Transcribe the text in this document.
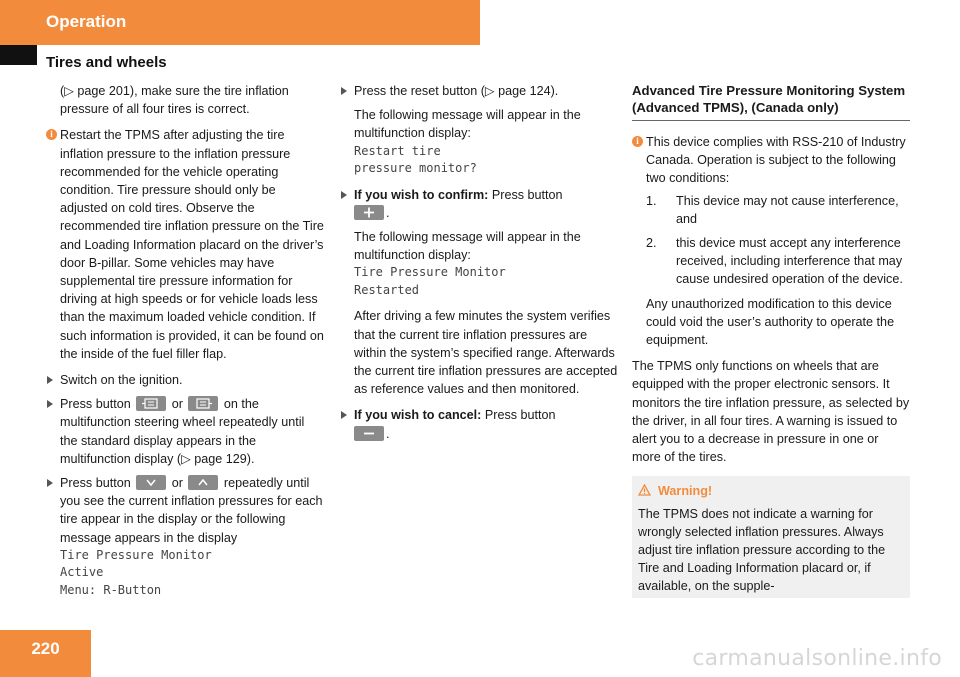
Operation
Tires and wheels
(▷ page 201), make sure the tire inflation pressure of all four tires is correct.
i Restart the TPMS after adjusting the tire inflation pressure to the inflation pressure recommended for the vehicle operating condition. Tire pressure should only be adjusted on cold tires. Observe the recommended tire inflation pressure on the Tire and Loading Information placard on the driver’s door B-pillar. Some vehicles may have supplemental tire pressure information for driving at high speeds or for vehicle loads less than the maximum loaded vehicle condition. If such information is provided, it can be found on the inside of the fuel filler flap.
Switch on the ignition.
Press button	or	on the multifunction steering wheel repeatedly until the standard display appears in the multifunction display (▷ page 129).
Press button	or	repeatedly until you see the current inflation pressures for each tire appear in the display or the following message appears in the display
Tire Pressure Monitor
Active
Menu: R-Button
Press the reset button (▷ page 124).
The following message will appear in the multifunction display:
Restart tire
pressure monitor?
If you wish to confirm: Press button

.
The following message will appear in the multifunction display:
Tire Pressure Monitor
Restarted
After driving a few minutes the system verifies that the current tire inflation pressures are within the system’s specified range. Afterwards the current tire inflation pressures are accepted as reference values and then monitored.
If you wish to cancel: Press button

.
Advanced Tire Pressure Monitoring System (Advanced TPMS), (Canada only)
i This device complies with RSS-210 of Industry Canada. Operation is subject to the following two conditions:
1. This device may not cause interference, and
2. this device must accept any interference received, including interference that may cause undesired operation of the device.
Any unauthorized modification to this device could void the user’s authority to operate the equipment.
The TPMS only functions on wheels that are equipped with the proper electronic sensors. It monitors the tire inflation pressure, as selected by the driver, in all four tires. A warning is issued to alert you to a decrease in pressure in one or more of the tires.
Warning!
The TPMS does not indicate a warning for wrongly selected inflation pressures. Always adjust tire inflation pressure according to the Tire and Loading Information placard or, if available, on the supple-
220	carmanualsonline.info
